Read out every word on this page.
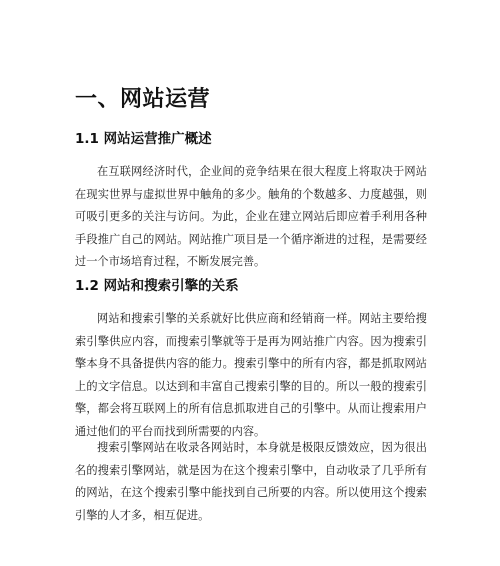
一、网站运营
1.1 网站运营推广概述

在互联网经济时代，企业间的竞争结果在很大程度上将取决于网站在现实世界与虚拟世界中触角的多少。触角的个数越多、力度越强，则可吸引更多的关注与访问。为此，企业在建立网站后即应着手利用各种手段推广自己的网站。网站推广项目是一个循序渐进的过程，是需要经过一个市场培育过程，不断发展完善。

1.2 网站和搜索引擎的关系

网站和搜索引擎的关系就好比供应商和经销商一样。网站主要给搜索引擎供应内容，而搜索引擎就等于是再为网站推广内容。因为搜索引擎本身不具备提供内容的能力。搜索引擎中的所有内容，都是抓取网站上的文字信息。以达到和丰富自己搜索引擎的目的。所以一般的搜索引擎，都会将互联网上的所有信息抓取进自己的引擎中。从而让搜索用户通过他们的平台而找到所需要的内容。

搜索引擎网站在收录各网站时，本身就是极限反馈效应，因为很出名的搜索引擎网站，就是因为在这个搜索引擎中，自动收录了几乎所有的网站，在这个搜索引擎中能找到自己所要的内容。所以使用这个搜索引擎的人才多，相互促进。
